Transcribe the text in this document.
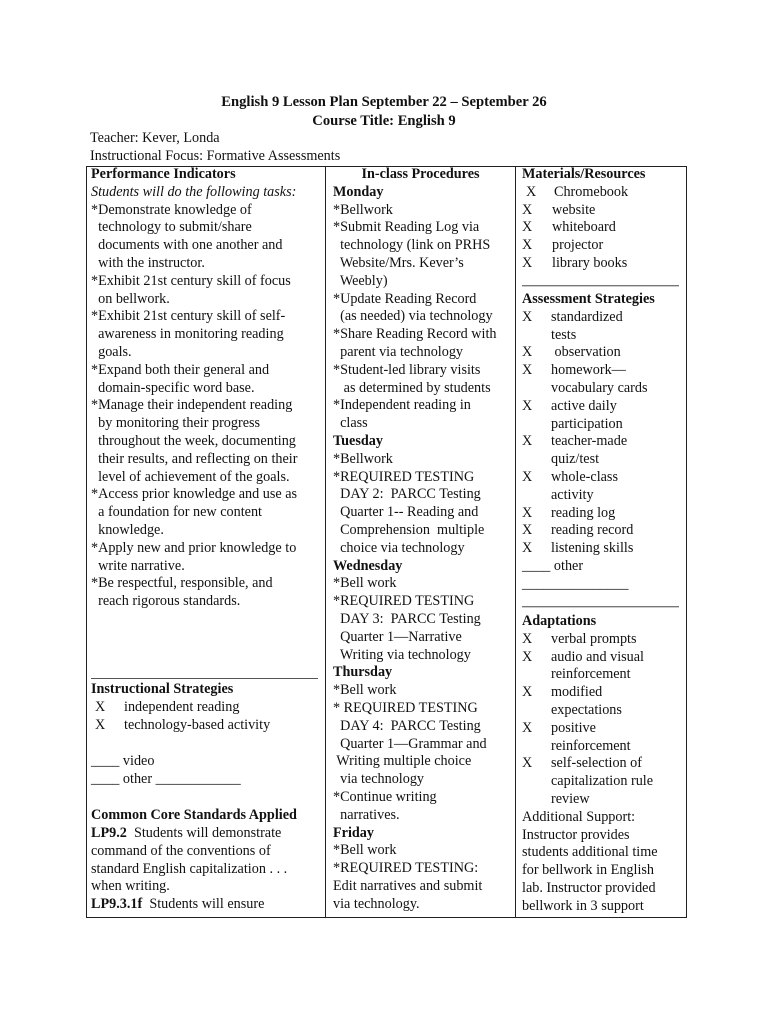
English 9 Lesson Plan September 22 – September 26
Course Title: English 9
Teacher: Kever, Londa
Instructional Focus: Formative Assessments
Performance Indicators
Students will do the following tasks:
*Demonstrate knowledge of
technology to submit/share
documents with one another and
with the instructor.
*Exhibit 21st century skill of focus
on bellwork.
*Exhibit 21st century skill of self-
awareness in monitoring reading
goals.
*Expand both their general and
domain-specific word base.
*Manage their independent reading
by monitoring their progress
throughout the week, documenting
their results, and reflecting on their
level of achievement of the goals.
*Access prior knowledge and use as
a foundation for new content
knowledge.
*Apply new and prior knowledge to
write narrative.
*Be respectful, responsible, and
reach rigorous standards.
Instructional Strategies
X independent reading
X technology-based activity
____ video
____ other ____________
Common Core Standards Applied
LP9.2  Students will demonstrate
command of the conventions of
standard English capitalization . . .
when writing.
LP9.3.1f  Students will ensure
In-class Procedures
Monday
*Bellwork
*Submit Reading Log via
technology (link on PRHS
Website/Mrs. Kever’s
Weebly)
*Update Reading Record
(as needed) via technology
*Share Reading Record with
parent via technology
*Student-led library visits
as determined by students
*Independent reading in
class
Tuesday
*Bellwork
*REQUIRED TESTING
DAY 2:  PARCC Testing
Quarter 1-- Reading and
Comprehension  multiple
choice via technology
Wednesday
*Bell work
*REQUIRED TESTING
DAY 3:  PARCC Testing
Quarter 1—Narrative
Writing via technology
Thursday
*Bell work
* REQUIRED TESTING
DAY 4:  PARCC Testing
Quarter 1—Grammar and
Writing multiple choice
via technology
*Continue writing
narratives.
Friday
*Bell work
*REQUIRED TESTING:
Edit narratives and submit
via technology.
Materials/Resources
X Chromebook
X website
X whiteboard
X projector
X library books
Assessment Strategies
X standardized
tests
X observation
X homework—
vocabulary cards
X active daily
participation
X teacher-made
quiz/test
X whole-class
activity
X reading log
X reading record
X listening skills
____ other
_______________
Adaptations
X verbal prompts
X audio and visual
reinforcement
X modified
expectations
X positive
reinforcement
X self-selection of
capitalization rule
review
Additional Support:
Instructor provides
students additional time
for bellwork in English
lab. Instructor provided
bellwork in 3 support
